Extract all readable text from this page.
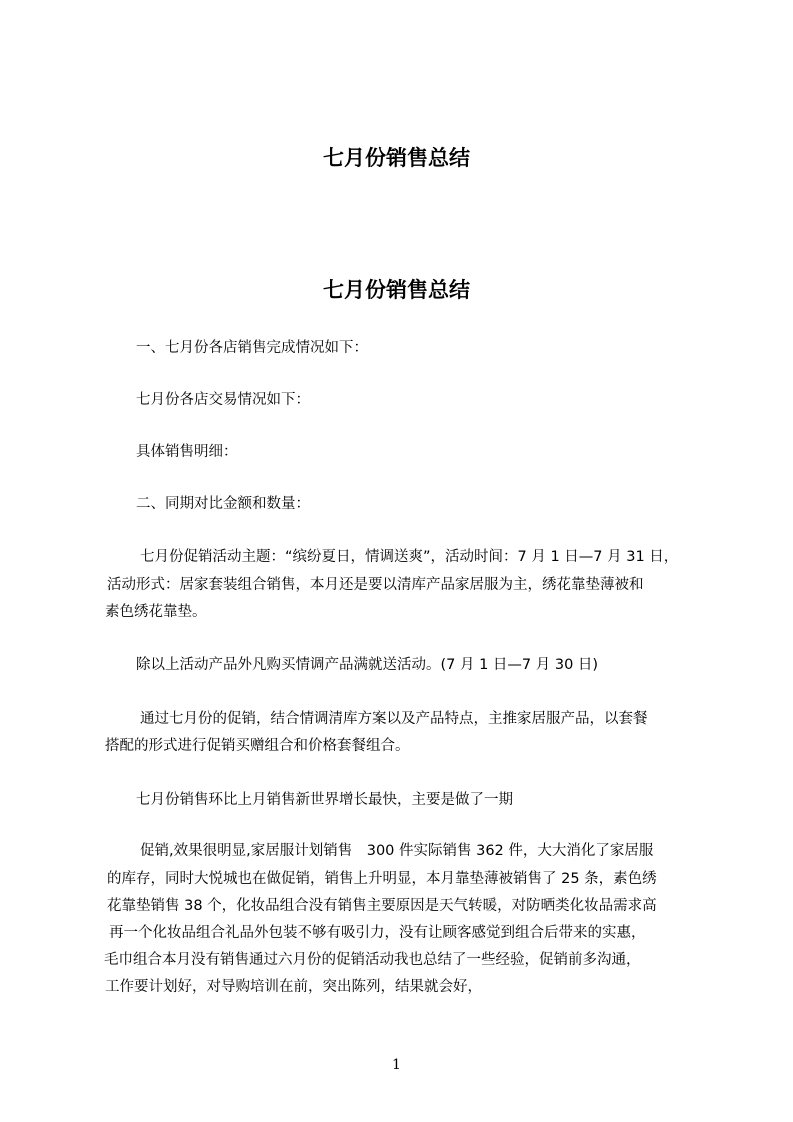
七月份销售总结
七月份销售总结
一、七月份各店销售完成情况如下：
七月份各店交易情况如下：
具体销售明细：
二、同期对比金额和数量：
七月份促销活动主题：“缤纷夏日，情调送爽”，活动时间：7 月 1 日—7 月 31 日，
活动形式：居家套装组合销售，本月还是要以清库产品家居服为主，绣花靠垫薄被和
素色绣花靠垫。
除以上活动产品外凡购买情调产品满就送活动。(7 月 1 日—7 月 30 日)
通过七月份的促销，结合情调清库方案以及产品特点，主推家居服产品，以套餐
搭配的形式进行促销买赠组合和价格套餐组合。
七月份销售环比上月销售新世界增长最快，主要是做了一期
促销,效果很明显,家居服计划销售　300 件实际销售 362 件，大大消化了家居服
的库存，同时大悦城也在做促销，销售上升明显，本月靠垫薄被销售了 25 条，素色绣
花靠垫销售 38 个，化妆品组合没有销售主要原因是天气转暖，对防晒类化妆品需求高
再一个化妆品组合礼品外包装不够有吸引力，没有让顾客感觉到组合后带来的实惠，
毛巾组合本月没有销售通过六月份的促销活动我也总结了一些经验，促销前多沟通，
工作要计划好，对导购培训在前，突出陈列，结果就会好，
1
